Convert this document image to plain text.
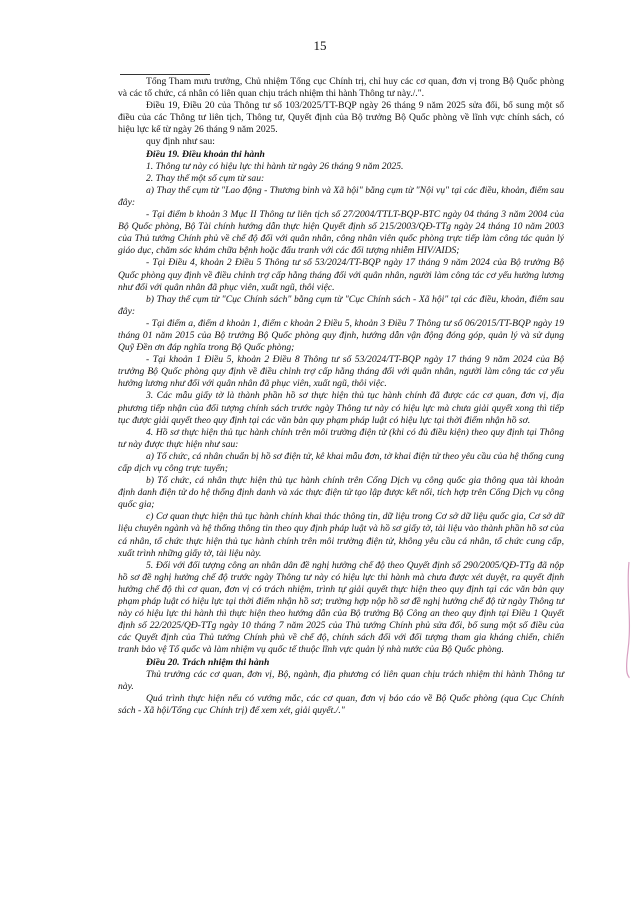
15

Tổng Tham mưu trưởng, Chủ nhiệm Tổng cục Chính trị, chỉ huy các cơ quan, đơn vị trong Bộ Quốc phòng và các tổ chức, cá nhân có liên quan chịu trách nhiệm thi hành Thông tư này./.".

Điều 19, Điều 20 của Thông tư số 103/2025/TT-BQP ngày 26 tháng 9 năm 2025 sửa đổi, bổ sung một số điều của các Thông tư liên tịch, Thông tư, Quyết định của Bộ trưởng Bộ Quốc phòng về lĩnh vực chính sách, có hiệu lực kể từ ngày 26 tháng 9 năm 2025.

quy định như sau:

Điều 19. Điều khoản thi hành

1. Thông tư này có hiệu lực thi hành từ ngày 26 tháng 9 năm 2025.

2. Thay thế một số cụm từ sau:

a) Thay thế cụm từ "Lao động - Thương binh và Xã hội" bằng cụm từ "Nội vụ" tại các điều, khoản, điểm sau đây:

- Tại điểm b khoản 3 Mục II Thông tư liên tịch số 27/2004/TTLT-BQP-BTC ngày 04 tháng 3 năm 2004 của Bộ Quốc phòng, Bộ Tài chính hướng dẫn thực hiện Quyết định số 215/2003/QĐ-TTg ngày 24 tháng 10 năm 2003 của Thủ tướng Chính phủ về chế độ đối với quân nhân, công nhân viên quốc phòng trực tiếp làm công tác quản lý giáo dục, chăm sóc khám chữa bệnh hoặc đấu tranh với các đối tượng nhiễm HIV/AIDS;

- Tại Điều 4, khoản 2 Điều 5 Thông tư số 53/2024/TT-BQP ngày 17 tháng 9 năm 2024 của Bộ trưởng Bộ Quốc phòng quy định về điều chỉnh trợ cấp hằng tháng đối với quân nhân, người làm công tác cơ yếu hưởng lương như đối với quân nhân đã phục viên, xuất ngũ, thôi việc.

b) Thay thế cụm từ "Cục Chính sách" bằng cụm từ "Cục Chính sách - Xã hội" tại các điều, khoản, điểm sau đây:

- Tại điểm a, điểm d khoản 1, điểm c khoản 2 Điều 5, khoản 3 Điều 7 Thông tư số 06/2015/TT-BQP ngày 19 tháng 01 năm 2015 của Bộ trưởng Bộ Quốc phòng quy định, hướng dẫn vận động đóng góp, quản lý và sử dụng Quỹ Đền ơn đáp nghĩa trong Bộ Quốc phòng;

- Tại khoản 1 Điều 5, khoản 2 Điều 8 Thông tư số 53/2024/TT-BQP ngày 17 tháng 9 năm 2024 của Bộ trưởng Bộ Quốc phòng quy định về điều chỉnh trợ cấp hằng tháng đối với quân nhân, người làm công tác cơ yếu hưởng lương như đối với quân nhân đã phục viên, xuất ngũ, thôi việc.

3. Các mẫu giấy tờ là thành phần hồ sơ thực hiện thủ tục hành chính đã được các cơ quan, đơn vị, địa phương tiếp nhận của đối tượng chính sách trước ngày Thông tư này có hiệu lực mà chưa giải quyết xong thì tiếp tục được giải quyết theo quy định tại các văn bản quy phạm pháp luật có hiệu lực tại thời điểm nhận hồ sơ.

4. Hồ sơ thực hiện thủ tục hành chính trên môi trường điện tử (khi có đủ điều kiện) theo quy định tại Thông tư này được thực hiện như sau:

a) Tổ chức, cá nhân chuẩn bị hồ sơ điện tử, kê khai mẫu đơn, tờ khai điện tử theo yêu cầu của hệ thống cung cấp dịch vụ công trực tuyến;

b) Tổ chức, cá nhân thực hiện thủ tục hành chính trên Cổng Dịch vụ công quốc gia thông qua tài khoản định danh điện tử do hệ thống định danh và xác thực điện tử tạo lập được kết nối, tích hợp trên Cổng Dịch vụ công quốc gia;

c) Cơ quan thực hiện thủ tục hành chính khai thác thông tin, dữ liệu trong Cơ sở dữ liệu quốc gia, Cơ sở dữ liệu chuyên ngành và hệ thống thông tin theo quy định pháp luật và hồ sơ giấy tờ, tài liệu vào thành phần hồ sơ của cá nhân, tổ chức thực hiện thủ tục hành chính trên môi trường điện tử, không yêu cầu cá nhân, tổ chức cung cấp, xuất trình những giấy tờ, tài liệu này.

5. Đối với đối tượng công an nhân dân đề nghị hưởng chế độ theo Quyết định số 290/2005/QĐ-TTg đã nộp hồ sơ đề nghị hưởng chế độ trước ngày Thông tư này có hiệu lực thi hành mà chưa được xét duyệt, ra quyết định hưởng chế độ thì cơ quan, đơn vị có trách nhiệm, trình tự giải quyết thực hiện theo quy định tại các văn bản quy phạm pháp luật có hiệu lực tại thời điểm nhận hồ sơ; trường hợp nộp hồ sơ đề nghị hưởng chế độ từ ngày Thông tư này có hiệu lực thi hành thì thực hiện theo hướng dẫn của Bộ trưởng Bộ Công an theo quy định tại Điều 1 Quyết định số 22/2025/QĐ-TTg ngày 10 tháng 7 năm 2025 của Thủ tướng Chính phủ sửa đổi, bổ sung một số điều của các Quyết định của Thủ tướng Chính phủ về chế độ, chính sách đối với đối tượng tham gia kháng chiến, chiến tranh bảo vệ Tổ quốc và làm nhiệm vụ quốc tế thuộc lĩnh vực quản lý nhà nước của Bộ Quốc phòng.

Điều 20. Trách nhiệm thi hành

Thủ trưởng các cơ quan, đơn vị, Bộ, ngành, địa phương có liên quan chịu trách nhiệm thi hành Thông tư này.

Quá trình thực hiện nếu có vướng mắc, các cơ quan, đơn vị báo cáo về Bộ Quốc phòng (qua Cục Chính sách - Xã hội/Tổng cục Chính trị) để xem xét, giải quyết./."
